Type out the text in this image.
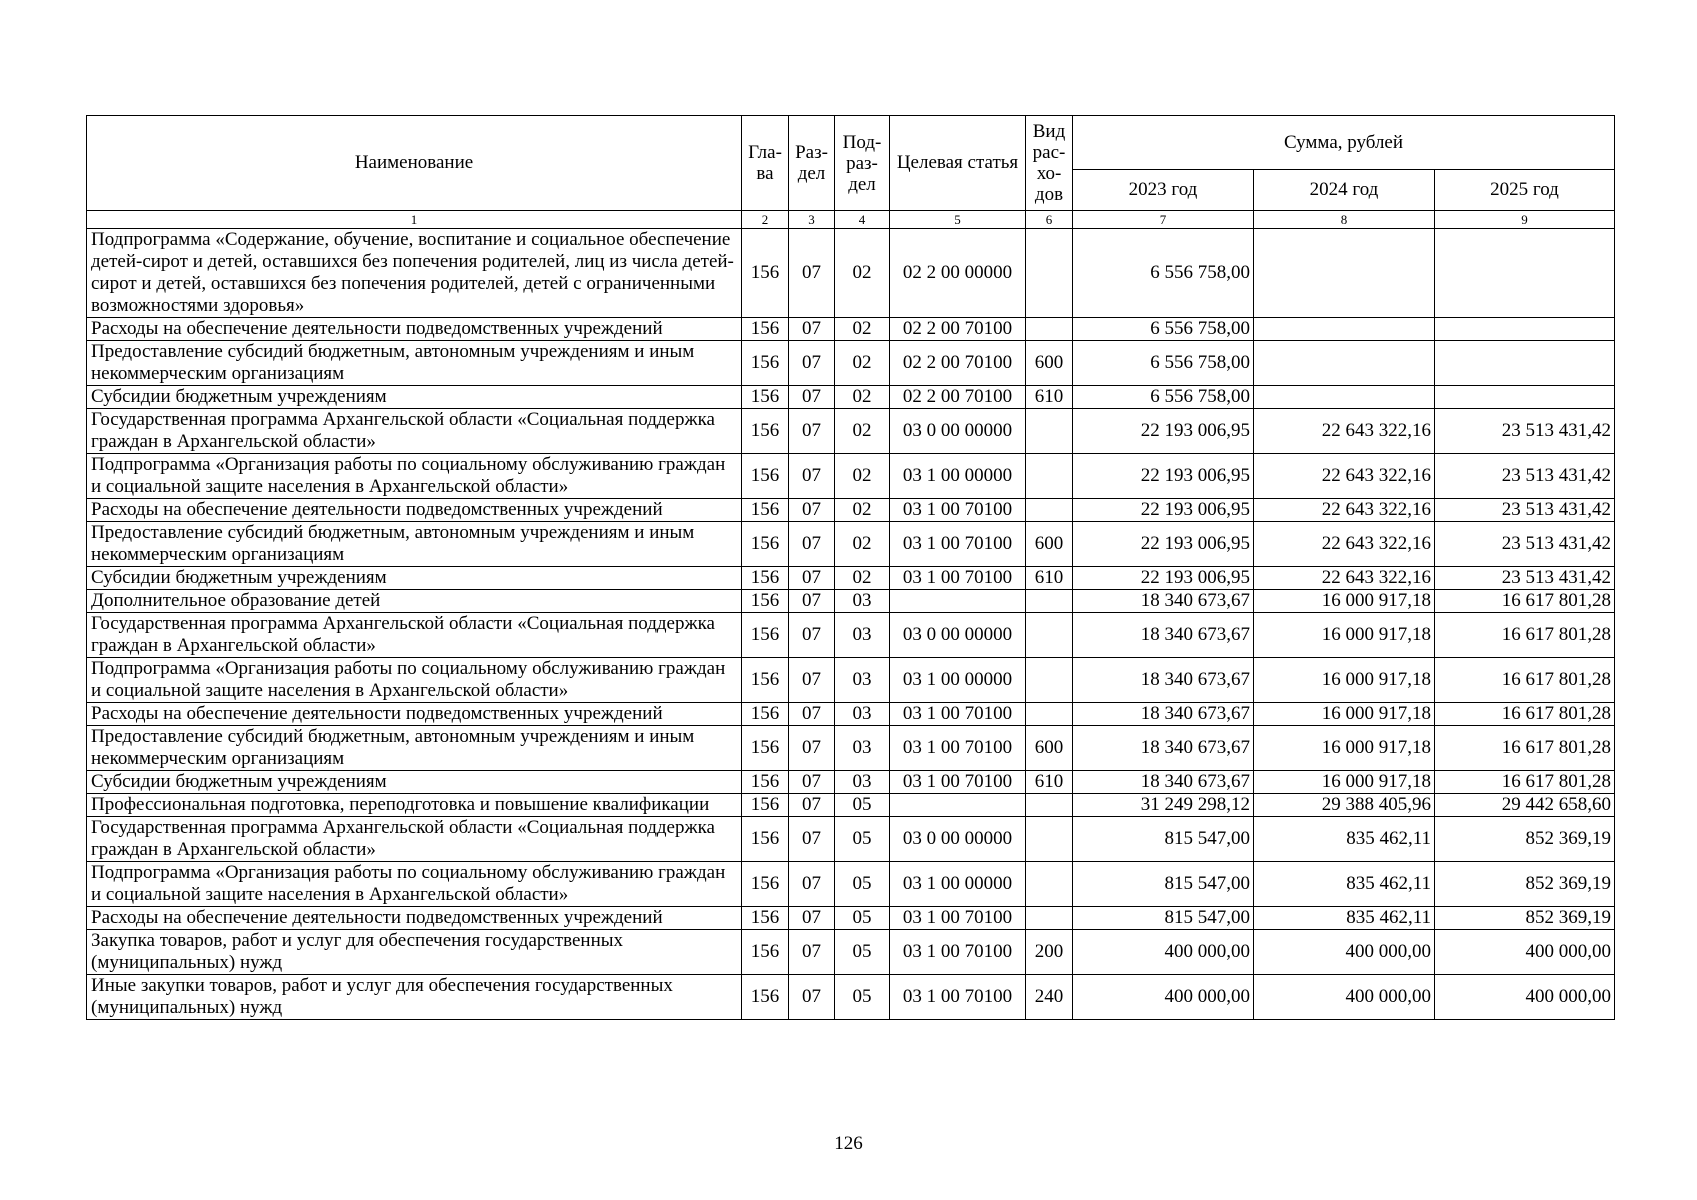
Наименование	Гла-ва	Раз-дел	Под-раз-дел	Целевая статья	Вид рас-хо-дов	Сумма, рублей		
						2023 год	2024 год	2025 год
1	2	3	4	5	6	7	8	9
Подпрограмма «Содержание, обучение, воспитание и социальное обеспечение детей-сирот и детей, оставшихся без попечения родителей, лиц из числа детей-сирот и детей, оставшихся без попечения родителей, детей с ограниченными возможностями здоровья»	156	07	02	02 2 00 00000		6 556 758,00		
Расходы на обеспечение деятельности подведомственных учреждений	156	07	02	02 2 00 70100		6 556 758,00		
Предоставление субсидий бюджетным, автономным учреждениям и иным некоммерческим организациям	156	07	02	02 2 00 70100	600	6 556 758,00		
Субсидии бюджетным учреждениям	156	07	02	02 2 00 70100	610	6 556 758,00		
Государственная программа Архангельской области «Социальная поддержка граждан в Архангельской области»	156	07	02	03 0 00 00000		22 193 006,95	22 643 322,16	23 513 431,42
Подпрограмма «Организация работы по социальному обслуживанию граждан и социальной защите населения в Архангельской области»	156	07	02	03 1 00 00000		22 193 006,95	22 643 322,16	23 513 431,42
Расходы на обеспечение деятельности подведомственных учреждений	156	07	02	03 1 00 70100		22 193 006,95	22 643 322,16	23 513 431,42
Предоставление субсидий бюджетным, автономным учреждениям и иным некоммерческим организациям	156	07	02	03 1 00 70100	600	22 193 006,95	22 643 322,16	23 513 431,42
Субсидии бюджетным учреждениям	156	07	02	03 1 00 70100	610	22 193 006,95	22 643 322,16	23 513 431,42
Дополнительное образование детей	156	07	03			18 340 673,67	16 000 917,18	16 617 801,28
Государственная программа Архангельской области «Социальная поддержка граждан в Архангельской области»	156	07	03	03 0 00 00000		18 340 673,67	16 000 917,18	16 617 801,28
Подпрограмма «Организация работы по социальному обслуживанию граждан и социальной защите населения в Архангельской области»	156	07	03	03 1 00 00000		18 340 673,67	16 000 917,18	16 617 801,28
Расходы на обеспечение деятельности подведомственных учреждений	156	07	03	03 1 00 70100		18 340 673,67	16 000 917,18	16 617 801,28
Предоставление субсидий бюджетным, автономным учреждениям и иным некоммерческим организациям	156	07	03	03 1 00 70100	600	18 340 673,67	16 000 917,18	16 617 801,28
Субсидии бюджетным учреждениям	156	07	03	03 1 00 70100	610	18 340 673,67	16 000 917,18	16 617 801,28
Профессиональная подготовка, переподготовка и повышение квалификации	156	07	05			31 249 298,12	29 388 405,96	29 442 658,60
Государственная программа Архангельской области «Социальная поддержка граждан в Архангельской области»	156	07	05	03 0 00 00000		815 547,00	835 462,11	852 369,19
Подпрограмма «Организация работы по социальному обслуживанию граждан и социальной защите населения в Архангельской области»	156	07	05	03 1 00 00000		815 547,00	835 462,11	852 369,19
Расходы на обеспечение деятельности подведомственных учреждений	156	07	05	03 1 00 70100		815 547,00	835 462,11	852 369,19
Закупка товаров, работ и услуг для обеспечения государственных (муниципальных) нужд	156	07	05	03 1 00 70100	200	400 000,00	400 000,00	400 000,00
Иные закупки товаров, работ и услуг для обеспечения государственных (муниципальных) нужд	156	07	05	03 1 00 70100	240	400 000,00	400 000,00	400 000,00
126
